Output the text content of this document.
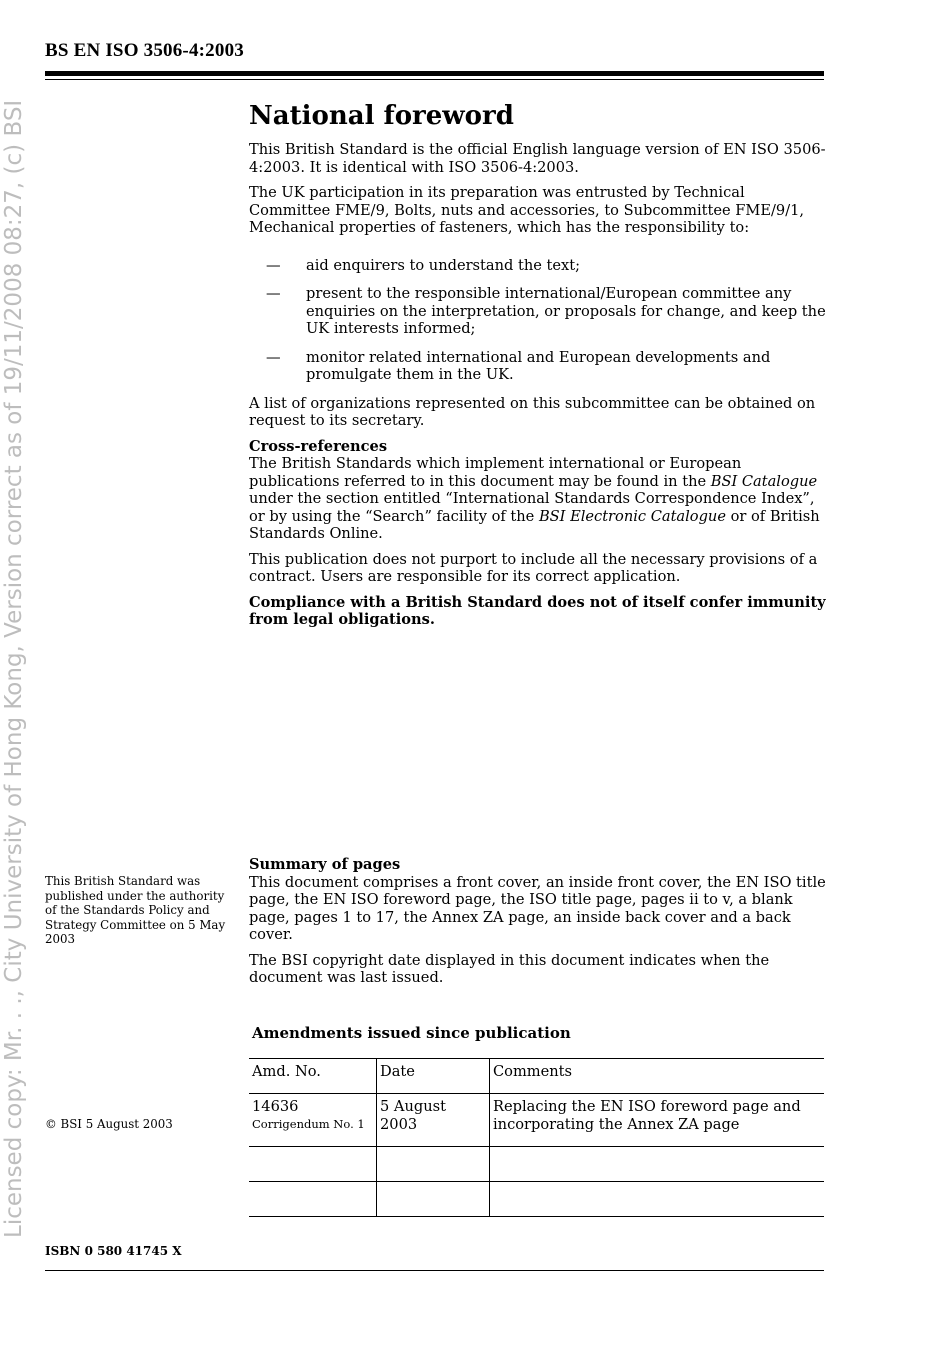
BS EN ISO 3506-4:2003
Licensed copy: Mr. . ., City University of Hong Kong, Version correct as of 19/11/2008 08:27, (c) BSI	National foreword

This British Standard is the official English language version of EN ISO 3506-4:2003. It is identical with ISO 3506-4:2003.

The UK participation in its preparation was entrusted by Technical Committee FME/9, Bolts, nuts and accessories, to Subcommittee FME/9/1, Mechanical properties of fasteners, which has the responsibility to:

— aid enquirers to understand the text;
— present to the responsible international/European committee any enquiries on the interpretation, or proposals for change, and keep the UK interests informed;
— monitor related international and European developments and promulgate them in the UK.

A list of organizations represented on this subcommittee can be obtained on request to its secretary.

Cross-references

The British Standards which implement international or European publications referred to in this document may be found in the BSI Catalogue under the section entitled “International Standards Correspondence Index”, or by using the “Search” facility of the BSI Electronic Catalogue or of British Standards Online.

This publication does not purport to include all the necessary provisions of a contract. Users are responsible for its correct application.

Compliance with a British Standard does not of itself confer immunity from legal obligations.

This British Standard was published under the authority of the Standards Policy and Strategy Committee on 5 May 2003
Summary of pages

This document comprises a front cover, an inside front cover, the EN ISO title page, the EN ISO foreword page, the ISO title page, pages ii to v, a blank page, pages 1 to 17, the Annex ZA page, an inside back cover and a back cover.

The BSI copyright date displayed in this document indicates when the document was last issued.

Amendments issued since publication
Amd. No.	Date	Comments

14636
Corrigendum No. 1	5 August 2003	Replacing the EN ISO foreword page and incorporating the Annex ZA page

© BSI 5 August 2003
ISBN 0 580 41745 X
